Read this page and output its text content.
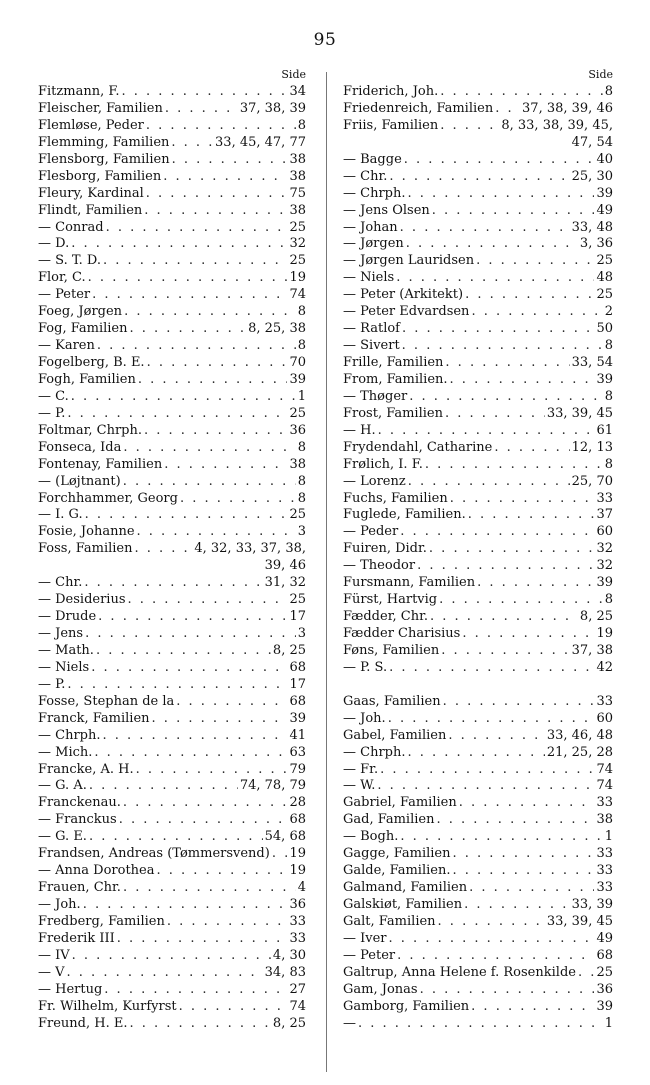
95
Side
Fitzmann, F. . . .	34
Fleischer, Familien . . .	37, 38, 39
Flemløse, Peder . . .	8
Flemming, Familien . . .	33, 45, 47, 77
Flensborg, Familien . . .	38
Flesborg, Familien . . .	38
Fleury, Kardinal . . .	75
Flindt, Familien . . .	38
— Conrad . . .	25
— D. . . .	32
— S. T. D. . . .	25
Flor, C. . . .	19
— Peter . . .	74
Foeg, Jørgen . . .	8
Fog, Familien . . .	8, 25, 38
— Karen . . .	8
Fogelberg, B. E. . . .	70
Fogh, Familien . . .	39
— C. . . .	1
— P. . . .	25
Foltmar, Chrph. . . .	36
Fonseca, Ida . . .	8
Fontenay, Familien . . .	38
— (Løjtnant) . . .	8
Forchhammer, Georg . . .	8
— I. G. . . .	25
Fosie, Johanne . . .	3
Foss, Familien . . .	4, 32, 33, 37, 38,
39, 46
— Chr. . . .	31, 32
— Desiderius . . .	25
— Drude . . .	17
— Jens . . .	3
— Math. . . .	8, 25
— Niels . . .	68
— P. . . .	17
Fosse, Stephan de la . . .	68
Franck, Familien . . .	39
— Chrph. . . .	41
— Mich. . . .	63
Francke, A. H. . . .	79
— G. A. . . .	74, 78, 79
Franckenau. . . .	28
— Franckus . . .	68
— G. E. . . .	54, 68
Frandsen, Andreas (Tømmersvend) . . . 19
— Anna Dorothea . . .	19
Frauen, Chr. . . .	4
— Joh. . . .	36
Fredberg, Familien . . .	33
Frederik III . . .	33
— IV . . .	4, 30
— V . . .	34, 83
— Hertug . . .	27
Fr. Wilhelm, Kurfyrst . . .	74
Freund, H. E. . . .	8, 25
Side
Friderich, Joh. . . .	8
Friedenreich, Familien . . . 37, 38, 39, 46
Friis, Familien . . .	8, 33, 38, 39, 45,
47, 54
— Bagge . . .	40
— Chr. . . .	25, 30
— Chrph. . . .	39
— Jens Olsen . . .	49
— Johan . . .	33, 48
— Jørgen . . .	3, 36
— Jørgen Lauridsen . . .	25
— Niels . . .	48
— Peter (Arkitekt) . . .	25
— Peter Edvardsen . . .	2
— Ratlof . . .	50
— Sivert . . .	8
Frille, Familien . . .	33, 54
From, Familien. . . .	39
— Thøger . . .	8
Frost, Familien . . .	33, 39, 45
— H. . . .	61
Frydendahl, Catharine . . .	12, 13
Frølich, I. F. . . .	8
— Lorenz . . .	25, 70
Fuchs, Familien . . .	33
Fuglede, Familien. . . .	37
— Peder . . .	60
Fuiren, Didr. . . .	32
— Theodor . . .	32
Fursmann, Familien . . .	39
Fürst, Hartvig . . .	8
Fædder, Chr. . . .	8, 25
Fædder Charisius . . .	19
Føns, Familien . . .	37, 38
— P. S. . . .	42
Gaas, Familien . . .	33
— Joh. . . .	60
Gabel, Familien . . .	33, 46, 48
— Chrph. . . .	21, 25, 28
— Fr. . . .	74
— W. . . .	74
Gabriel, Familien . . .	33
Gad, Familien . . .	38
— Bogh. . . .	1
Gagge, Familien . . .	33
Galde, Familien. . . .	33
Galmand, Familien . . .	33
Galskiøt, Familien . . .	33, 39
Galt, Familien . . .	33, 39, 45
— Iver . . .	49
— Peter . . .	68
Galtrup, Anna Helene f. Rosenkilde . . . 25
Gam, Jonas . . .	36
Gamborg, Familien . . .	39
— . . .	1
